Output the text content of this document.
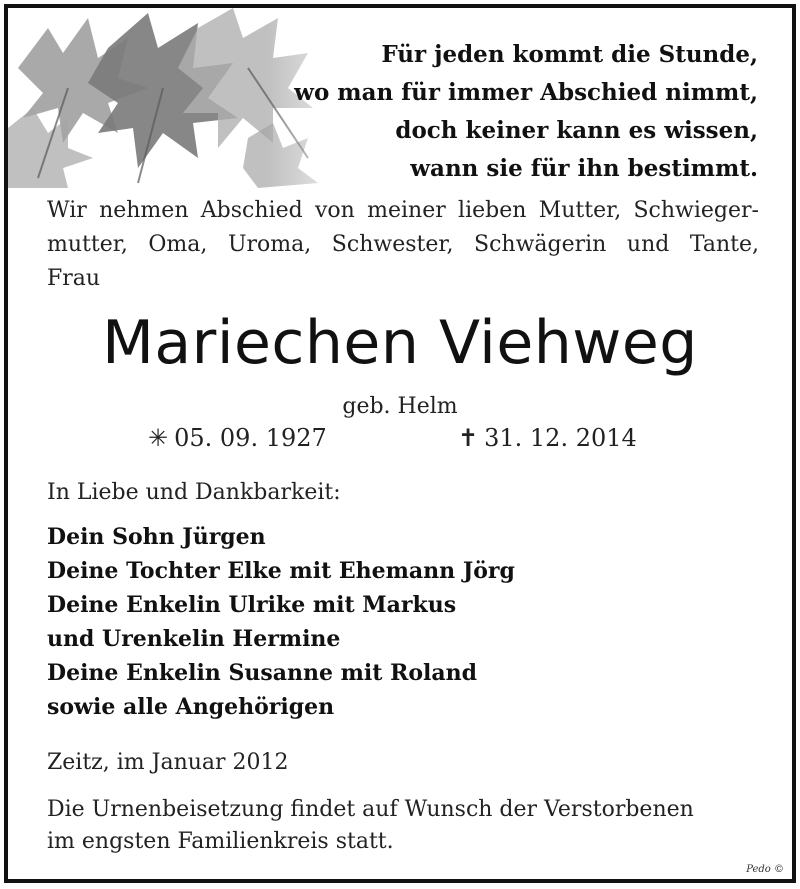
Für jeden kommt die Stunde,
wo man für immer Abschied nimmt,
doch keiner kann es wissen,
wann sie für ihn bestimmt.
Wir nehmen Abschied von meiner lieben Mutter, Schwieger-
mutter, Oma, Uroma, Schwester, Schwägerin und Tante,
Frau
Mariechen Viehweg
geb. Helm
✳ 05. 09. 1927	✝ 31. 12. 2014
In Liebe und Dankbarkeit:
Dein Sohn Jürgen
Deine Tochter Elke mit Ehemann Jörg
Deine Enkelin Ulrike mit Markus
und Urenkelin Hermine
Deine Enkelin Susanne mit Roland
sowie alle Angehörigen
Zeitz, im Januar 2012
Die Urnenbeisetzung findet auf Wunsch der Verstorbenen
im engsten Familienkreis statt.
Pedo ©
